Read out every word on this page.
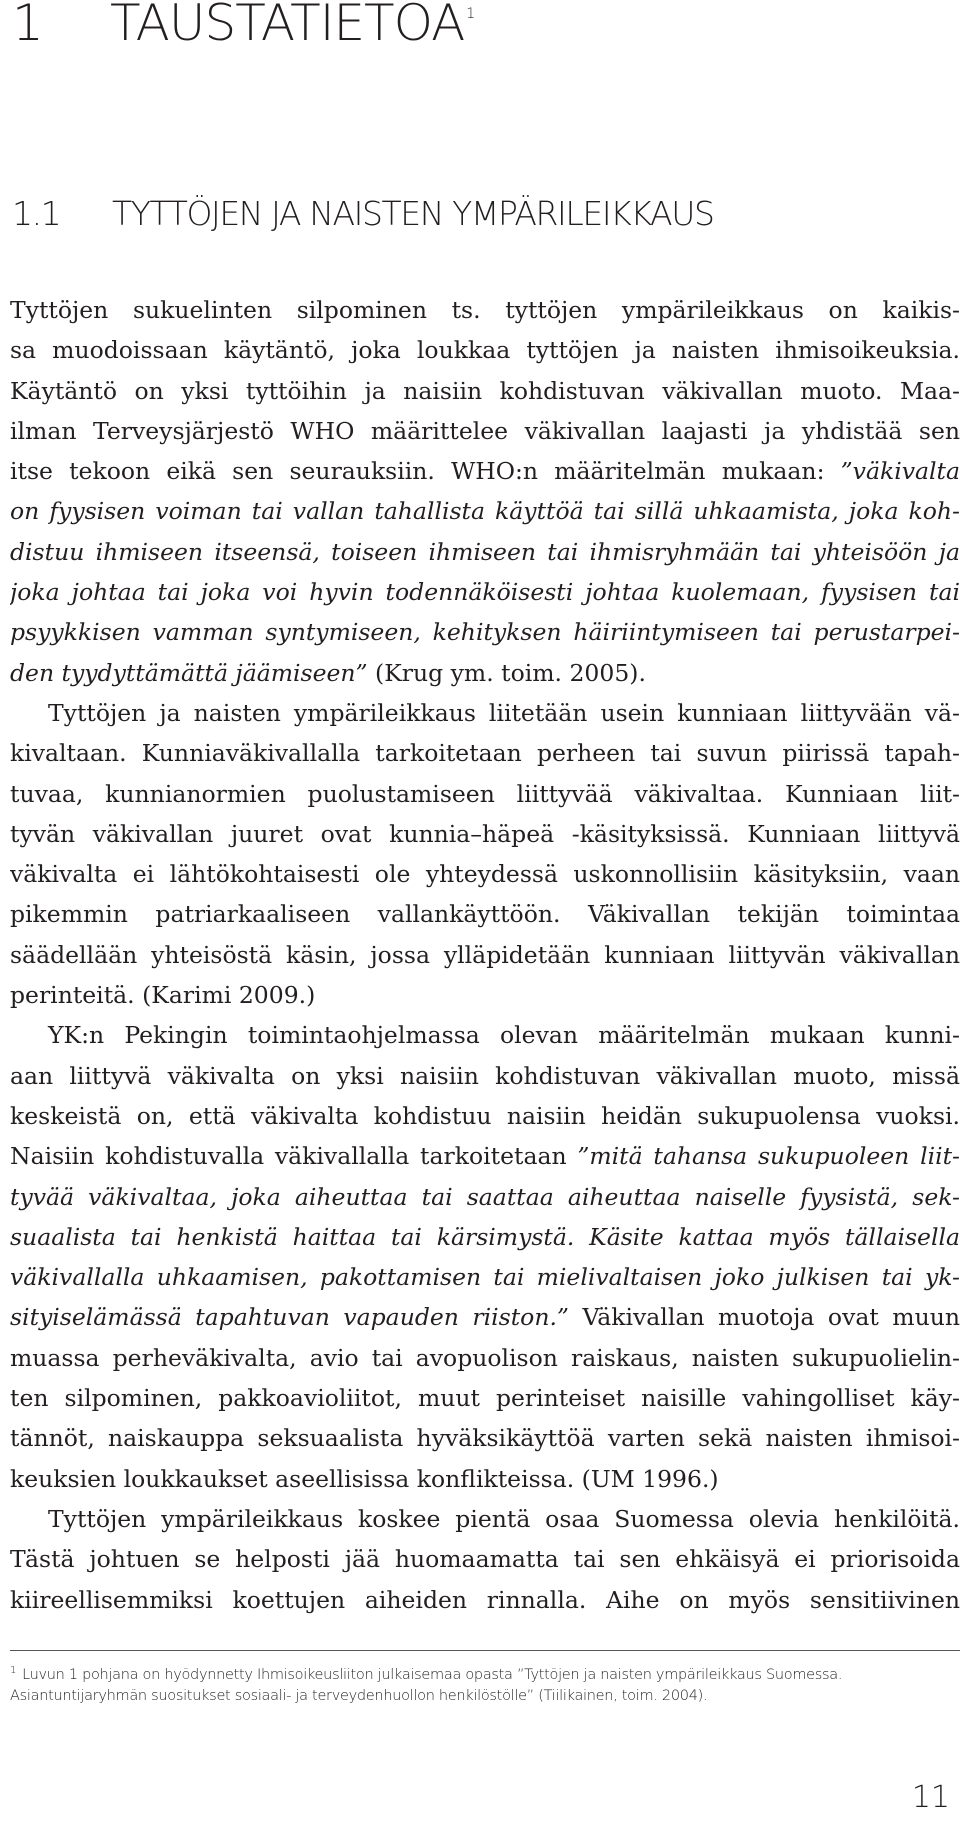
1 TAUSTATIETOA $^1$
1.1 TYTTÖJEN JA NAISTEN YMPÄRILEIKKAUS
Tyttöjen sukuelinten silpominen ts. tyttöjen ympärileikkaus on kaikis-
sa muodoissaan käytäntö, joka loukkaa tyttöjen ja naisten ihmisoikeuksia.
Käytäntö on yksi tyttöihin ja naisiin kohdistuvan väkivallan muoto. Maa-
ilman Terveysjärjestö WHO määrittelee väkivallan laajasti ja yhdistää sen
itse tekoon eikä sen seurauksiin. WHO:n määritelmän mukaan: ”väkivalta
on fyysisen voiman tai vallan tahallista käyttöä tai sillä uhkaamista, joka koh-
distuu ihmiseen itseensä, toiseen ihmiseen tai ihmisryhmään tai yhteisöön ja
joka johtaa tai joka voi hyvin todennäköisesti johtaa kuolemaan, fyysisen tai
psyykkisen vamman syntymiseen, kehityksen häiriintymiseen tai perustarpei-
den tyydyttämättä jäämiseen” (Krug ym. toim. 2005).
Tyttöjen ja naisten ympärileikkaus liitetään usein kunniaan liittyvään vä-
kivaltaan. Kunniaväkivallalla tarkoitetaan perheen tai suvun piirissä tapah-
tuvaa, kunnianormien puolustamiseen liittyvää väkivaltaa. Kunniaan liit-
tyvän väkivallan juuret ovat kunnia–häpeä -käsityksissä. Kunniaan liittyvä
väkivalta ei lähtökohtaisesti ole yhteydessä uskonnollisiin käsityksiin, vaan
pikemmin patriarkaaliseen vallankäyttöön. Väkivallan tekijän toimintaa
säädellään yhteisöstä käsin, jossa ylläpidetään kunniaan liittyvän väkivallan
perinteitä. (Karimi 2009.)
YK:n Pekingin toimintaohjelmassa olevan määritelmän mukaan kunni-
aan liittyvä väkivalta on yksi naisiin kohdistuvan väkivallan muoto, missä
keskeistä on, että väkivalta kohdistuu naisiin heidän sukupuolensa vuoksi.
Naisiin kohdistuvalla väkivallalla tarkoitetaan ”mitä tahansa sukupuoleen liit-
tyvää väkivaltaa, joka aiheuttaa tai saattaa aiheuttaa naiselle fyysistä, sek-
suaalista tai henkistä haittaa tai kärsimystä. Käsite kattaa myös tällaisella
väkivallalla uhkaamisen, pakottamisen tai mielivaltaisen joko julkisen tai yk-
sityiselämässä tapahtuvan vapauden riiston.” Väkivallan muotoja ovat muun
muassa perheväkivalta, avio tai avopuolison raiskaus, naisten sukupuolielin-
ten silpominen, pakkoavioliitot, muut perinteiset naisille vahingolliset käy-
tännöt, naiskauppa seksuaalista hyväksikäyttöä varten sekä naisten ihmisoi-
keuksien loukkaukset aseellisissa konflikteissa. (UM 1996.)
Tyttöjen ympärileikkaus koskee pientä osaa Suomessa olevia henkilöitä.
Tästä johtuen se helposti jää huomaamatta tai sen ehkäisyä ei priorisoida
kiireellisemmiksi koettujen aiheiden rinnalla. Aihe on myös sensitiivinen
$^1$ Luvun 1 pohjana on hyödynnetty Ihmisoikeusliiton julkaisemaa opasta ”Tyttöjen ja naisten ympärileikkaus Suomessa.
Asiantuntijaryhmän suositukset sosiaali- ja terveydenhuollon henkilöstölle” (Tiilikainen, toim. 2004).
11
